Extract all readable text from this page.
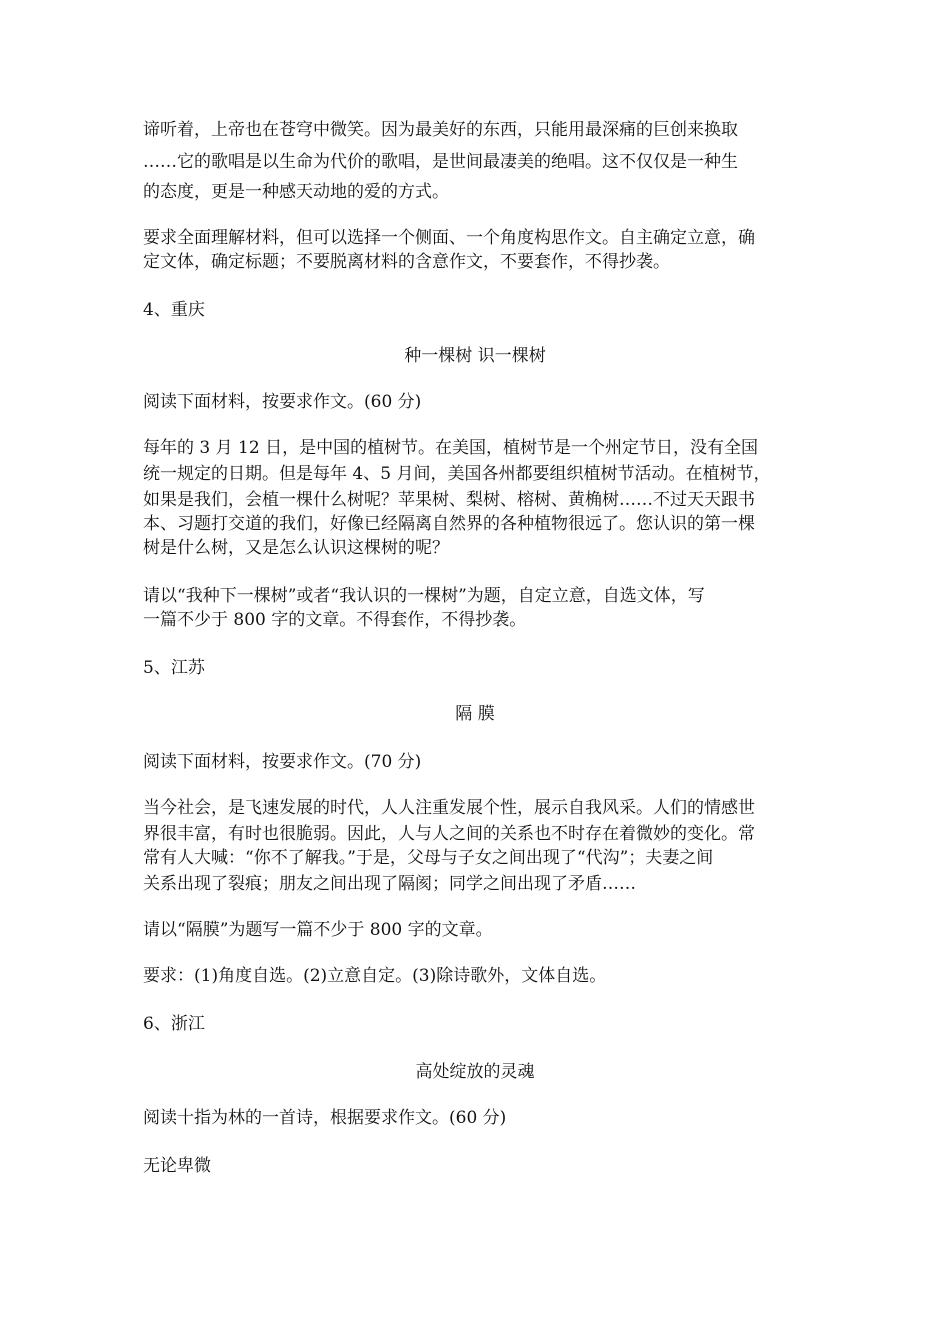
谛听着，上帝也在苍穹中微笑。因为最美好的东西，只能用最深痛的巨创来换取
……它的歌唱是以生命为代价的歌唱，是世间最凄美的绝唱。这不仅仅是一种生
的态度，更是一种感天动地的爱的方式。
要求全面理解材料，但可以选择一个侧面、一个角度构思作文。自主确定立意，确
定文体，确定标题；不要脱离材料的含意作文，不要套作，不得抄袭。
4、重庆
种一棵树 识一棵树
阅读下面材料，按要求作文。(60 分)
每年的 3 月 12 日，是中国的植树节。在美国，植树节是一个州定节日，没有全国
统一规定的日期。但是每年 4、5 月间，美国各州都要组织植树节活动。在植树节，
如果是我们，会植一棵什么树呢？苹果树、梨树、榕树、黄桷树……不过天天跟书
本、习题打交道的我们，好像已经隔离自然界的各种植物很远了。您认识的第一棵
树是什么树，又是怎么认识这棵树的呢？
请以“我种下一棵树”或者“我认识的一棵树”为题，自定立意，自选文体，写
一篇不少于 800 字的文章。不得套作，不得抄袭。
5、江苏
隔 膜
阅读下面材料，按要求作文。(70 分)
当今社会，是飞速发展的时代，人人注重发展个性，展示自我风采。人们的情感世
界很丰富，有时也很脆弱。因此，人与人之间的关系也不时存在着微妙的变化。常
常有人大喊：“你不了解我。”于是，父母与子女之间出现了“代沟”；夫妻之间
关系出现了裂痕；朋友之间出现了隔阂；同学之间出现了矛盾……
请以“隔膜”为题写一篇不少于 800 字的文章。
要求：(1)角度自选。(2)立意自定。(3)除诗歌外，文体自选。
6、浙江
高处绽放的灵魂
阅读十指为林的一首诗，根据要求作文。(60 分)
无论卑微
